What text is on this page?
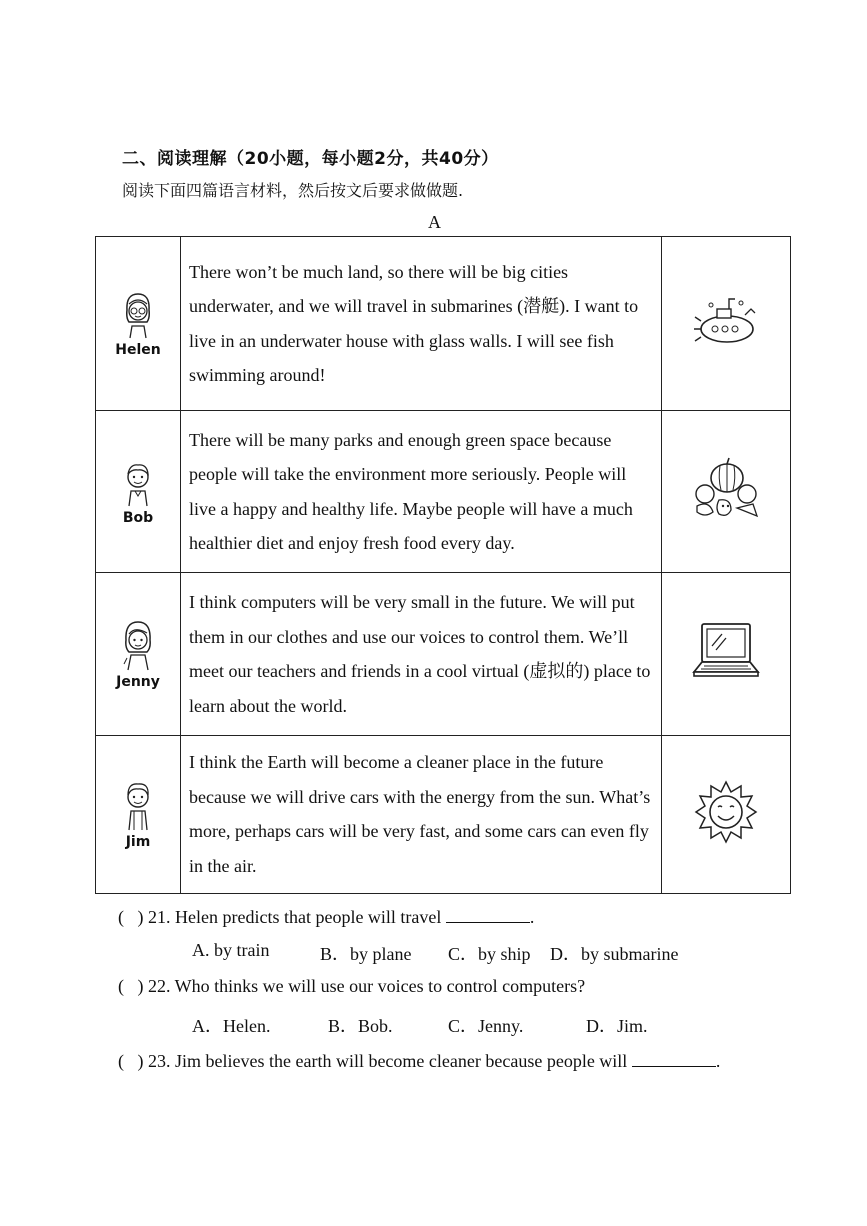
二、阅读理解（20小题，每小题2分，共40分）
阅读下面四篇语言材料，然后按文后要求做做题.
A
Helen	There won’t be much land, so there will be big cities underwater, and we will travel in submarines (潜艇). I want to live in an underwater house with glass walls. I will see fish swimming around!

Bob	There will be many parks and enough green space because people will take the environment more seriously. People will live a happy and healthy life. Maybe people will have a much healthier diet and enjoy fresh food every day.

Jenny	I think computers will be very small in the future. We will put them in our clothes and use our voices to control them. We’ll meet our teachers and friends in a cool virtual (虚拟的) place to learn about the world.

Jim	I think the Earth will become a cleaner place in the future because we will drive cars with the energy from the sun. What’s more, perhaps cars will be very fast, and some cars can even fly in the air.

(   ) 21. Helen predicts that people will travel	.
A. by train	B．by plane C．by ship D．by submarine
(   ) 22. Who thinks we will use our voices to control computers?
A．Helen.	B．Bob.	C．Jenny.	D．Jim.
(   ) 23. Jim believes the earth will become cleaner because people will	.
